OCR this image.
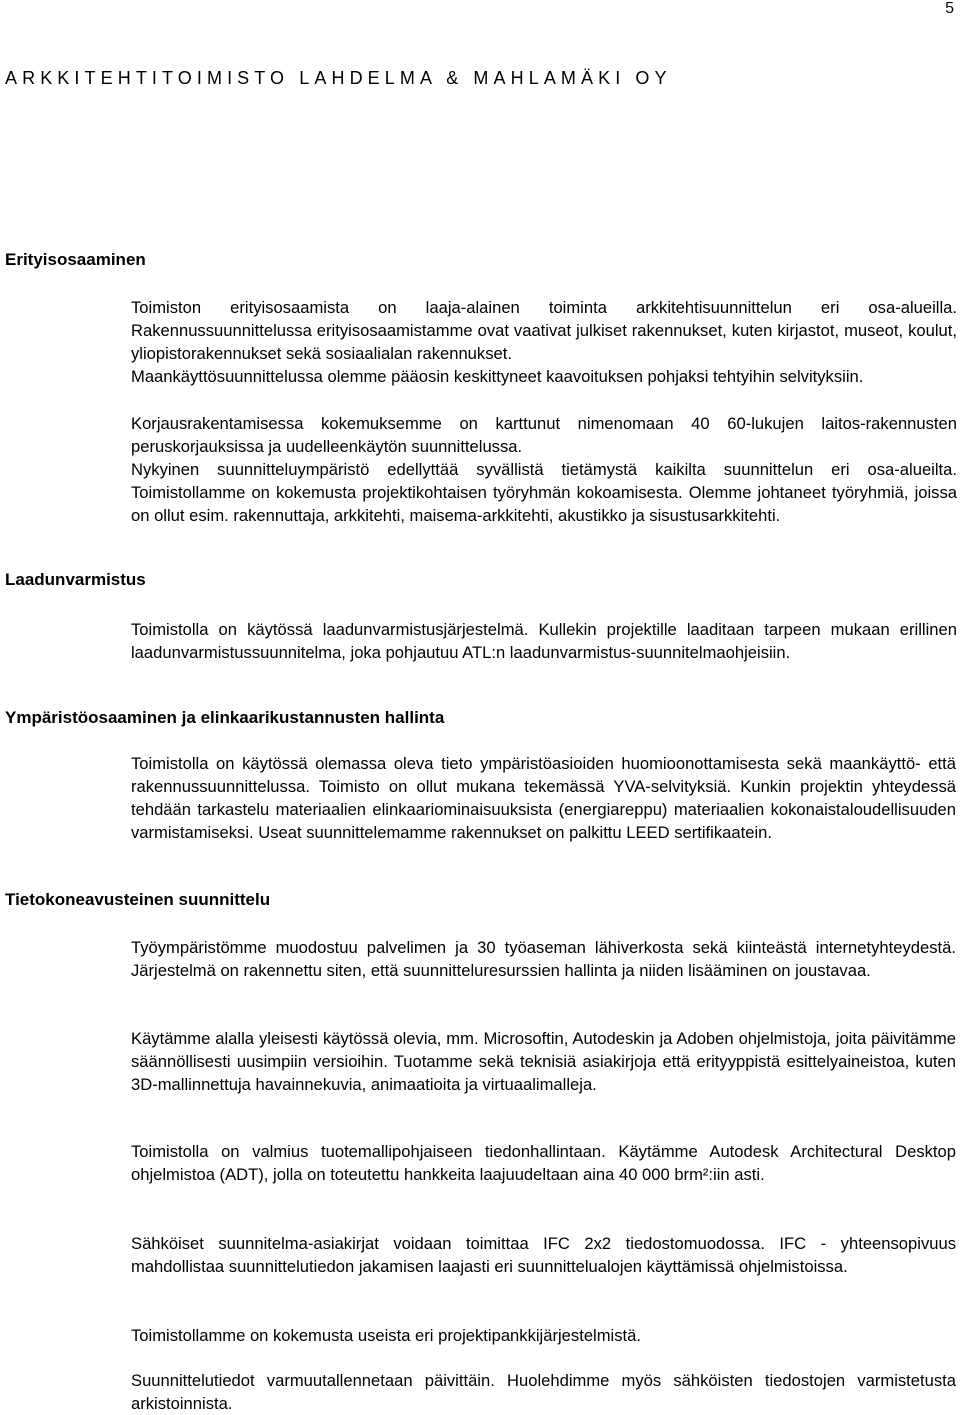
5
ARKKITEHTITOIMISTO LAHDELMA & MAHLAMÄKI OY
Erityisosaaminen

Toimiston erityisosaamista on laaja-alainen toiminta arkkitehtisuunnittelun eri osa-alueilla. Rakennussuunnittelussa erityisosaamistamme ovat vaativat julkiset rakennukset, kuten kirjastot, museot, koulut, yliopistorakennukset sekä sosiaalialan rakennukset.

Maankäyttösuunnittelussa olemme pääosin keskittyneet kaavoituksen pohjaksi tehtyihin selvityksiin.

Korjausrakentamisessa kokemuksemme on karttunut nimenomaan 40 60-lukujen laitos-rakennusten peruskorjauksissa ja uudelleenkäytön suunnittelussa.

Nykyinen suunnitteluympäristö edellyttää syvällistä tietämystä kaikilta suunnittelun eri osa-alueilta. Toimistollamme on kokemusta projektikohtaisen työryhmän kokoamisesta. Olemme johtaneet työryhmiä, joissa on ollut esim. rakennuttaja, arkkitehti, maisema-arkkitehti, akustikko ja sisustusarkkitehti.

Laadunvarmistus

Toimistolla on käytössä laadunvarmistusjärjestelmä. Kullekin projektille laaditaan tarpeen mukaan erillinen laadunvarmistussuunnitelma, joka pohjautuu ATL:n laadunvarmistus-suunnitelmaohjeisiin.

Ympäristöosaaminen ja elinkaarikustannusten hallinta

Toimistolla on käytössä olemassa oleva tieto ympäristöasioiden huomioonottamisesta sekä maankäyttö- että rakennussuunnittelussa. Toimisto on ollut mukana tekemässä YVA-selvityksiä. Kunkin projektin yhteydessä tehdään tarkastelu materiaalien elinkaariominaisuuksista (energiareppu) materiaalien kokonaistaloudellisuuden varmistamiseksi. Useat suunnittelemamme rakennukset on palkittu LEED sertifikaatein.

Tietokoneavusteinen suunnittelu

Työympäristömme muodostuu palvelimen ja 30 työaseman lähiverkosta sekä kiinteästä internetyhteydestä. Järjestelmä on rakennettu siten, että suunnitteluresurssien hallinta ja niiden lisääminen on joustavaa.

Käytämme alalla yleisesti käytössä olevia, mm. Microsoftin, Autodeskin ja Adoben ohjelmistoja, joita päivitämme säännöllisesti uusimpiin versioihin. Tuotamme sekä teknisiä asiakirjoja että erityyppistä esittelyaineistoa, kuten 3D-mallinnettuja havainnekuvia, animaatioita ja virtuaalimalleja.

Toimistolla on valmius tuotemallipohjaiseen tiedonhallintaan. Käytämme Autodesk Architectural Desktop ohjelmistoa (ADT), jolla on toteutettu hankkeita laajuudeltaan aina 40 000 brm²:iin asti.

Sähköiset suunnitelma-asiakirjat voidaan toimittaa IFC 2x2 tiedostomuodossa. IFC - yhteensopivuus mahdollistaa suunnittelutiedon jakamisen laajasti eri suunnittelualojen käyttämissä ohjelmistoissa.

Toimistollamme on kokemusta useista eri projektipankkijärjestelmistä.

Suunnittelutiedot varmuutallennetaan päivittäin. Huolehdimme myös sähköisten tiedostojen varmistetusta arkistoinnista.
